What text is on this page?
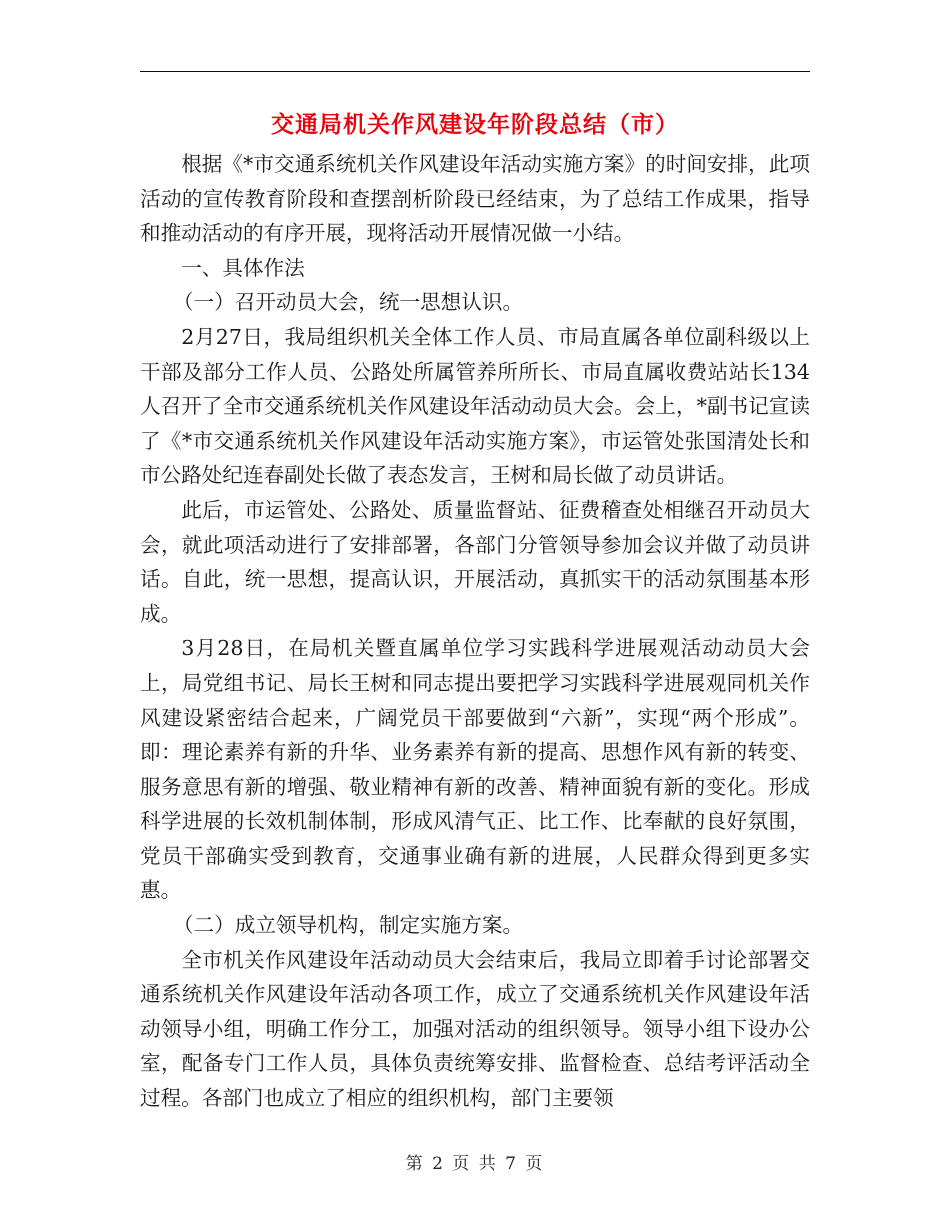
交通局机关作风建设年阶段总结（市）

根据《*市交通系统机关作风建设年活动实施方案》的时间安排，此项活动的宣传教育阶段和查摆剖析阶段已经结束，为了总结工作成果，指导和推动活动的有序开展，现将活动开展情况做一小结。

一、具体作法

（一）召开动员大会，统一思想认识。

2月27日，我局组织机关全体工作人员、市局直属各单位副科级以上干部及部分工作人员、公路处所属管养所所长、市局直属收费站站长134人召开了全市交通系统机关作风建设年活动动员大会。会上，*副书记宣读了《*市交通系统机关作风建设年活动实施方案》，市运管处张国清处长和市公路处纪连春副处长做了表态发言，王树和局长做了动员讲话。

此后，市运管处、公路处、质量监督站、征费稽查处相继召开动员大会，就此项活动进行了安排部署，各部门分管领导参加会议并做了动员讲话。自此，统一思想，提高认识，开展活动，真抓实干的活动氛围基本形成。

3月28日，在局机关暨直属单位学习实践科学进展观活动动员大会上，局党组书记、局长王树和同志提出要把学习实践科学进展观同机关作风建设紧密结合起来，广阔党员干部要做到“六新”，实现“两个形成”。即：理论素养有新的升华、业务素养有新的提高、思想作风有新的转变、服务意思有新的增强、敬业精神有新的改善、精神面貌有新的变化。形成科学进展的长效机制体制，形成风清气正、比工作、比奉献的良好氛围，党员干部确实受到教育，交通事业确有新的进展，人民群众得到更多实惠。

（二）成立领导机构，制定实施方案。

全市机关作风建设年活动动员大会结束后，我局立即着手讨论部署交通系统机关作风建设年活动各项工作，成立了交通系统机关作风建设年活动领导小组，明确工作分工，加强对活动的组织领导。领导小组下设办公室，配备专门工作人员，具体负责统筹安排、监督检查、总结考评活动全过程。各部门也成立了相应的组织机构，部门主要领

第 2 页 共 7 页
